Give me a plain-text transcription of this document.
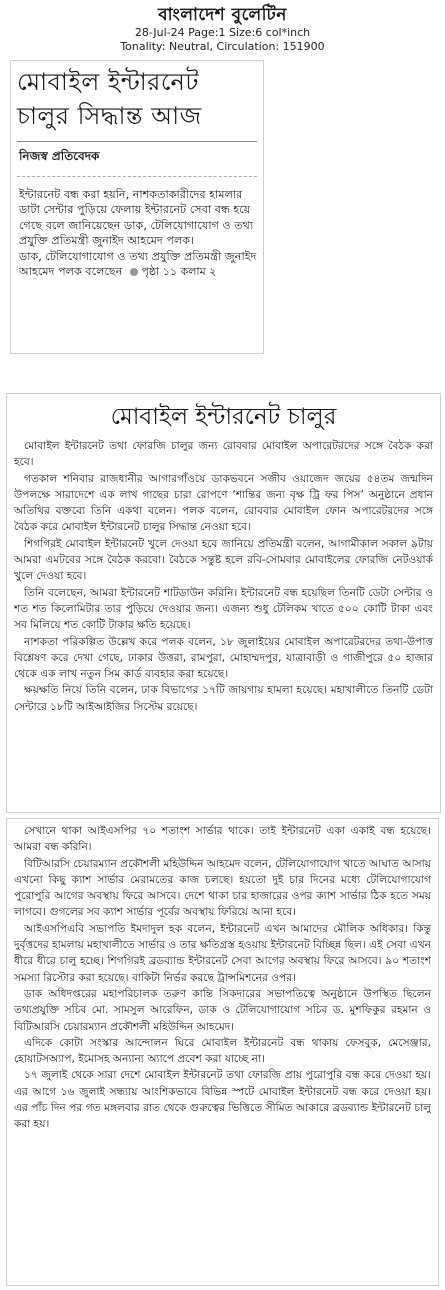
বাংলাদেশ বুলেটিন
28-Jul-24 Page:1 Size:6 col*inch
Tonality: Neutral, Circulation: 151900
মোবাইল ইন্টারনেট
চালুর সিদ্ধান্ত আজ
নিজস্ব প্রতিবেদক

ইন্টারনেট বন্ধ করা হয়নি, নাশকতাকারীদের হামলার ডাটা সেন্টার পুড়িয়ে ফেলায় ইন্টারনেট সেবা বন্ধ হয়ে গেছে বলে জানিয়েছেন ডাক, টেলিযোগাযোগ ও তথ্য প্রযুক্তি প্রতিমন্ত্রী জুনাইদ আহমেদ পলক।

ডাক, টেলিযোগাযোগ ও তথ্য প্রযুক্তি প্রতিমন্ত্রী জুনাইদ আহমেদ পলক বলেছেন পৃষ্ঠা ১১ কলাম ২

মোবাইল ইন্টারনেট চালুর

মোবাইল ইন্টারনেট তথা ফোরজি চালুর জন্য রোববার মোবাইল অপারেটরদের সঙ্গে বৈঠক করা হবে।

গতকাল শনিবার রাজধানীর আগারগাঁওয়ে ডাকভবনে সজীব ওয়াজেদ জয়ের ৫৪তম জন্মদিন উপলক্ষে সারাদেশে এক লাখ গাছের চারা রোপণে ‘শান্তির জন্য বৃক্ষ ট্রি ফর পিস’ অনুষ্ঠানে প্রধান অতিথির বক্তব্যে তিনি একথা বলেন। পলক বলেন, রোববার মোবাইল ফোন অপারেটরদের সঙ্গে বৈঠক করে মোবাইল ইন্টারনেট চালুর সিদ্ধান্ত নেওয়া হবে।

শিগগিরই মোবাইল ইন্টারনেট খুলে দেওয়া হবে জানিয়ে প্রতিমন্ত্রী বলেন, আগামীকাল সকাল ৯টায় আমরা এমটবের সঙ্গে বৈঠক করবো। বৈঠকে সন্তুষ্ট হলে রবি-সোমবার মোবাইলের ফোরজি নেটওয়ার্ক খুলে দেওয়া হবে।

তিনি বলেছেন, আমরা ইন্টারনেট শাটডাউন করিনি। ইন্টারনেট বন্ধ হয়েছিল তিনটি ডেটা সেন্টার ও শত শত কিলোমিটার তার পুড়িয়ে দেওয়ার জন্য। এজন্য শুধু টেলিকম খাতে ৫০০ কোটি টাকা এবং সব মিলিয়ে শত কোটি টাকার ক্ষতি হয়েছে।

নাশকতা পরিকল্পিত উল্লেখ করে পলক বলেন, ১৮ জুলাইয়ের মোবাইল অপারেটরদের তথ্য-উপাত্ত বিশ্লেষণ করে দেখা গেছে, ঢাকার উত্তরা, রামপুরা, মোহাম্মদপুর, যাত্রাবাড়ী ও গাজীপুরে ৫০ হাজার থেকে এক লাখ নতুন সিম কার্ড ব্যবহার করা হয়েছে।

ক্ষয়ক্ষতি নিয়ে তিনি বলেন, ঢাক বিভাগের ১৭টি জায়গায় হামলা হয়েছে। মহাখালীতে তিনটি ডেটা সেন্টারে ১৮টি আইআইজির সিস্টেম রয়েছে।

সেখানে থাকা আইএসপির ৭০ শতাংশ সার্ভার থাকে। তাই ইন্টারনেট একা একাই বন্ধ হয়েছে। আমরা বন্ধ করিনি।

বিটিআরসি চেয়ারম্যান প্রকৌশলী মহিউদ্দিন আহমেদ বলেন, টেলিযোগাযোগ খাতে আঘাত আসায় এখনো কিছু ক্যাশ সার্ভার মেরামতের কাজ চলছে। হয়তো দুই চার দিনের মধ্যে টেলিযোগাযোগ পুরোপুরি আগের অবস্থায় ফিরে আসবে। দেশে থাকা চার হাজারের ওপর ক্যাশ সার্ভার ঠিক হতে সময় লাগবে। গুগলের সব ক্যাশ সার্ভার পূর্বের অবস্থায় ফিরিয়ে আনা হবে।

আইএসপিএবি সভাপতি ইমদাদুল হক বলেন, ইন্টারনেট এখন আমাদের মৌলিক অধিকার। কিন্তু দুর্বৃত্তদের হামলায় মহাখালীতে সার্ভার ও তার ক্ষতিগ্রস্ত হওয়ায় ইন্টারনেট বিচ্ছিন্ন ছিল। এই সেবা এখন ধীরে ধীরে চালু হচ্ছে। শিগগিরই ব্রডব্যান্ড ইন্টারনেট সেবা আগের অবস্থায় ফিরে আসবে। ৯০ শতাংশ সমস্যা রিস্টোর করা হয়েছে। বাকিটা নির্ভর করছে ট্রান্সমিশনের ওপর।

ডাক অধিদপ্তরের মহাপরিচালক তরুণ কান্তি সিকদারের সভাপতিত্বে অনুষ্ঠানে উপস্থিত ছিলেন তথ্যপ্রযুক্তি সচিব মো. সামসুল আরেফিন, ডাক ও টেলিযোগাযোগ সচিব ড. মুশফিকুর রহমান ও বিটিআরসি চেয়ারম্যান প্রকৌশলী মহিউদ্দিন আহমেদ।

এদিকে কোটা সংস্কার আন্দোলন ঘিরে মোবাইল ইন্টারনেট বন্ধ থাকায় ফেসবুক, মেসেঞ্জার, হোয়াটসঅ্যাপ, ইমোসহ অন্যান্য অ্যাপে প্রবেশ করা যাচ্ছে না।

১৭ জুলাই থেকে সারা দেশে মোবাইল ইন্টারনেট তথা ফোরজি প্রায় পুরোপুরি বন্ধ করে দেওয়া হয়। এর আগে ১৬ জুলাই সন্ধ্যায় আংশিকভাবে বিভিন্ন স্পটে মোবাইল ইন্টারনেট বন্ধ করে দেওয়া হয়। এর পাঁচ দিন পর গত মঙ্গলবার রাত থেকে গুরুত্বের ভিত্তিতে সীমিত আকারে ব্রডব্যান্ড ইন্টারনেট চালু করা হয়।
